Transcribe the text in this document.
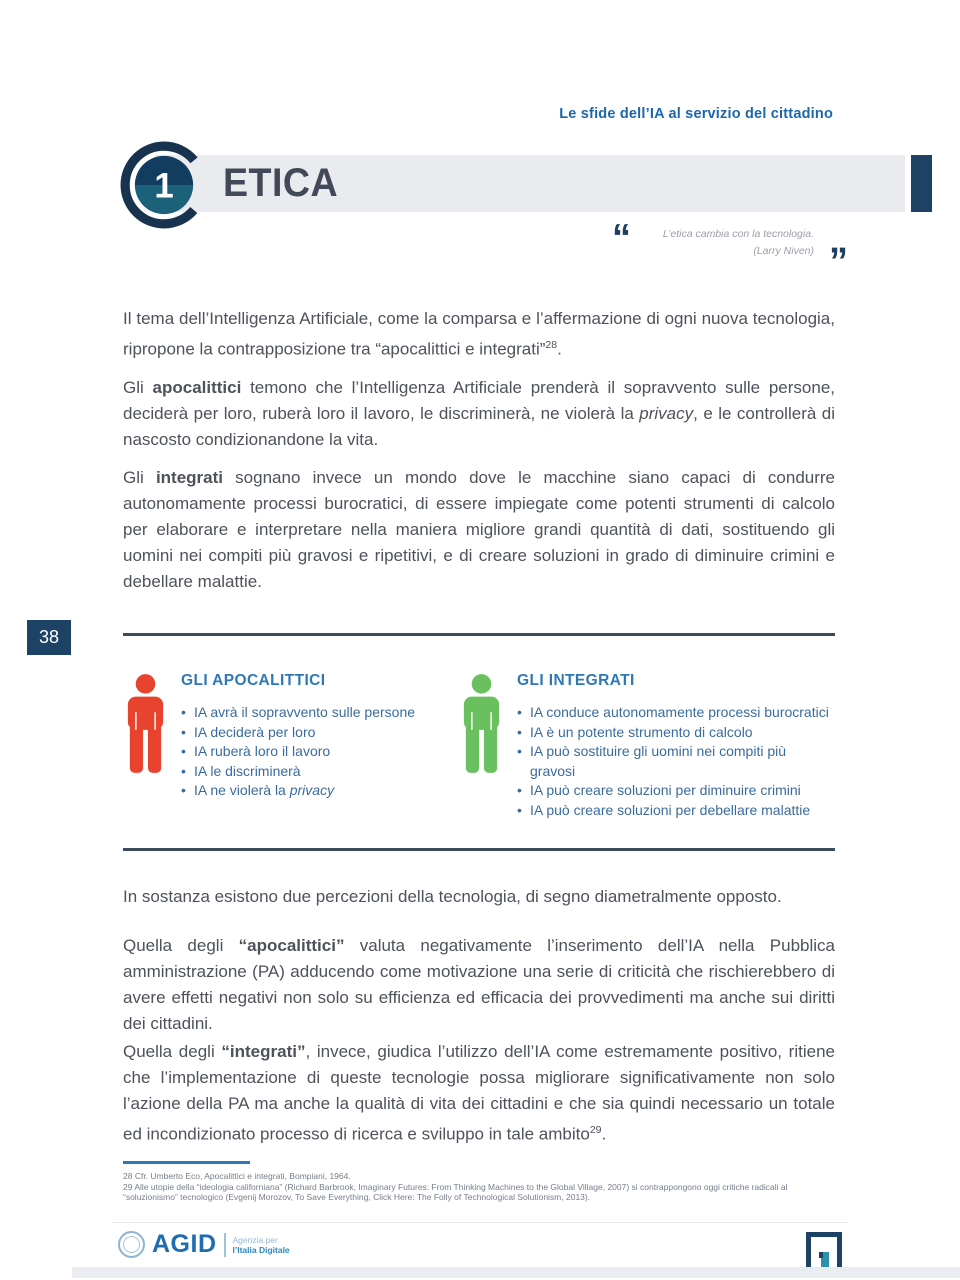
Le sfide dell’IA al servizio del cittadino
1 ETICA
“	L’etica cambia con la tecnologia.
(Larry Niven) ”

Il tema dell’Intelligenza Artificiale, come la comparsa e l’affermazione di ogni nuova tecnologia, ripropone la contrapposizione tra “apocalittici e integrati”$^{28}$.

Gli apocalittici temono che l’Intelligenza Artificiale prenderà il sopravvento sulle persone, deciderà per loro, ruberà loro il lavoro, le discriminerà, ne violerà la privacy, e le controllerà di nascosto condizionandone la vita.

Gli integrati sognano invece un mondo dove le macchine siano capaci di condurre autonomamente processi burocratici, di essere impiegate come potenti strumenti di calcolo per elaborare e interpretare nella maniera migliore grandi quantità di dati, sostituendo gli uomini nei compiti più gravosi e ripetitivi, e di creare soluzioni in grado di diminuire crimini e debellare malattie.

38
GLI APOCALITTICI
• IA avrà il sopravvento sulle persone
• IA deciderà per loro
• IA ruberà loro il lavoro
• IA le discriminerà
• IA ne violerà la privacy
GLI INTEGRATI
• IA conduce autonomamente processi burocratici
• IA è un potente strumento di calcolo
• IA può sostituire gli uomini nei compiti più gravosi
• IA può creare soluzioni per diminuire crimini
• IA può creare soluzioni per debellare malattie

In sostanza esistono due percezioni della tecnologia, di segno diametralmente opposto.

Quella degli “apocalittici” valuta negativamente l’inserimento dell’IA nella Pubblica amministrazione (PA) adducendo come motivazione una serie di criticità che rischierebbero di avere effetti negativi non solo su efficienza ed efficacia dei provvedimenti ma anche sui diritti dei cittadini.

Quella degli “integrati”, invece, giudica l’utilizzo dell’IA come estremamente positivo, ritiene che l’implementazione di queste tecnologie possa migliorare significativamente non solo l’azione della PA ma anche la qualità di vita dei cittadini e che sia quindi necessario un totale ed incondizionato processo di ricerca e sviluppo in tale ambito$^{29}$.

28 Cfr. Umberto Eco, Apocalittici e integrati, Bompiani, 1964.
29 Alle utopie della “ideologia californiana” (Richard Barbrook, Imaginary Futures: From Thinking Machines to the Global Village, 2007) si contrappongono oggi critiche radicali al “soluzionismo” tecnologico (Evgenij Morozov, To Save Everything, Click Here: The Folly of Technological Solutionism, 2013).
AGID Agenzia per
l’Italia Digitale
